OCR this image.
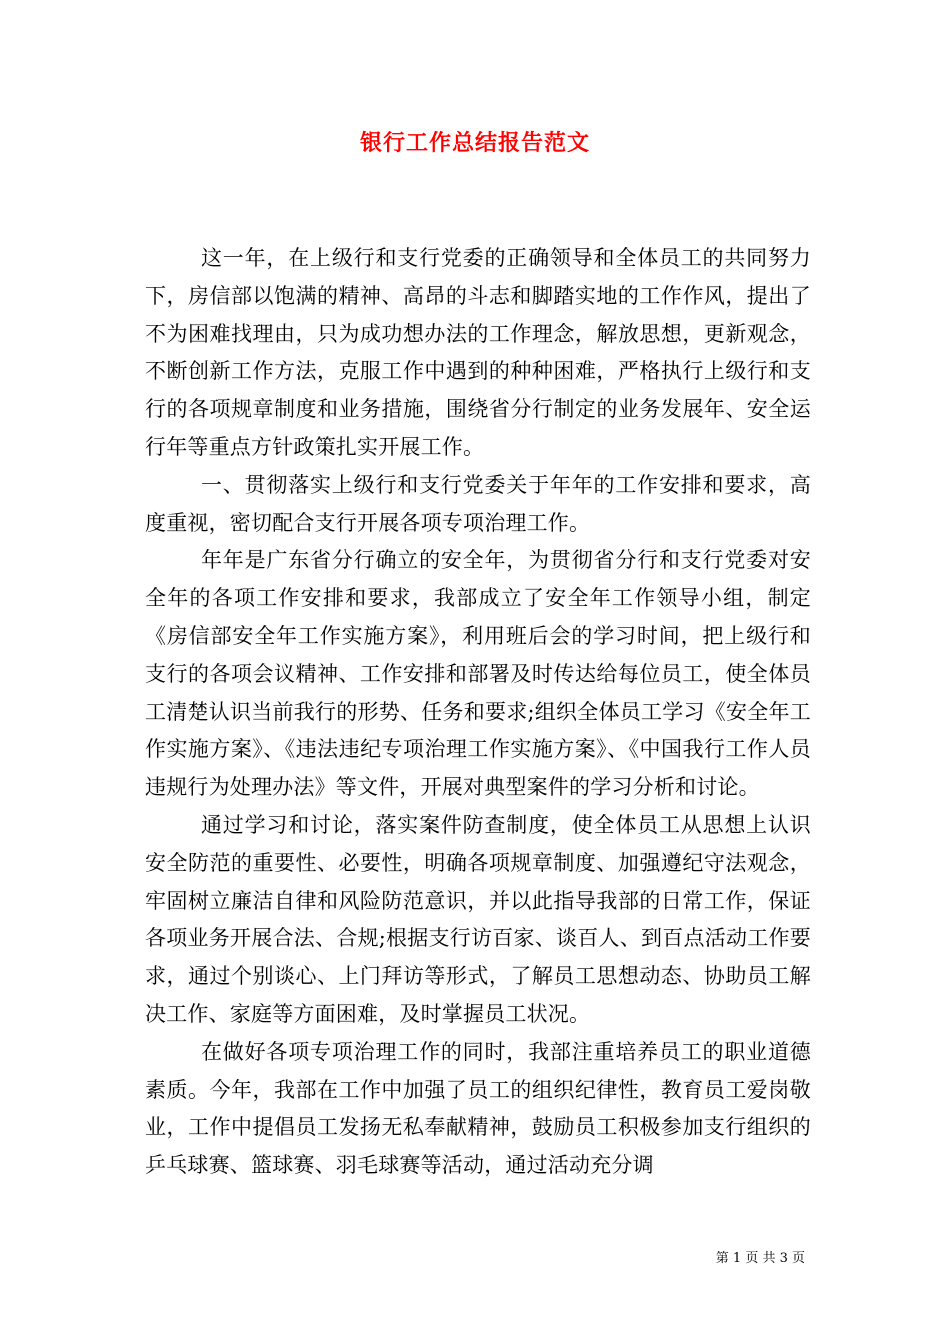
银行工作总结报告范文

这一年，在上级行和支行党委的正确领导和全体员工的共同努力下，房信部以饱满的精神、高昂的斗志和脚踏实地的工作作风，提出了不为困难找理由，只为成功想办法的工作理念，解放思想，更新观念，不断创新工作方法，克服工作中遇到的种种困难，严格执行上级行和支行的各项规章制度和业务措施，围绕省分行制定的业务发展年、安全运行年等重点方针政策扎实开展工作。

一、贯彻落实上级行和支行党委关于年年的工作安排和要求，高度重视，密切配合支行开展各项专项治理工作。

年年是广东省分行确立的安全年，为贯彻省分行和支行党委对安全年的各项工作安排和要求，我部成立了安全年工作领导小组，制定《房信部安全年工作实施方案》，利用班后会的学习时间，把上级行和支行的各项会议精神、工作安排和部署及时传达给每位员工，使全体员工清楚认识当前我行的形势、任务和要求;组织全体员工学习《安全年工作实施方案》、《违法违纪专项治理工作实施方案》、《中国我行工作人员违规行为处理办法》等文件，开展对典型案件的学习分析和讨论。

通过学习和讨论，落实案件防查制度，使全体员工从思想上认识安全防范的重要性、必要性，明确各项规章制度、加强遵纪守法观念，牢固树立廉洁自律和风险防范意识，并以此指导我部的日常工作，保证各项业务开展合法、合规;根据支行访百家、谈百人、到百点活动工作要求，通过个别谈心、上门拜访等形式，了解员工思想动态、协助员工解决工作、家庭等方面困难，及时掌握员工状况。

在做好各项专项治理工作的同时，我部注重培养员工的职业道德素质。今年，我部在工作中加强了员工的组织纪律性，教育员工爱岗敬业，工作中提倡员工发扬无私奉献精神，鼓励员工积极参加支行组织的乒乓球赛、篮球赛、羽毛球赛等活动，通过活动充分调

第 1 页 共 3 页
